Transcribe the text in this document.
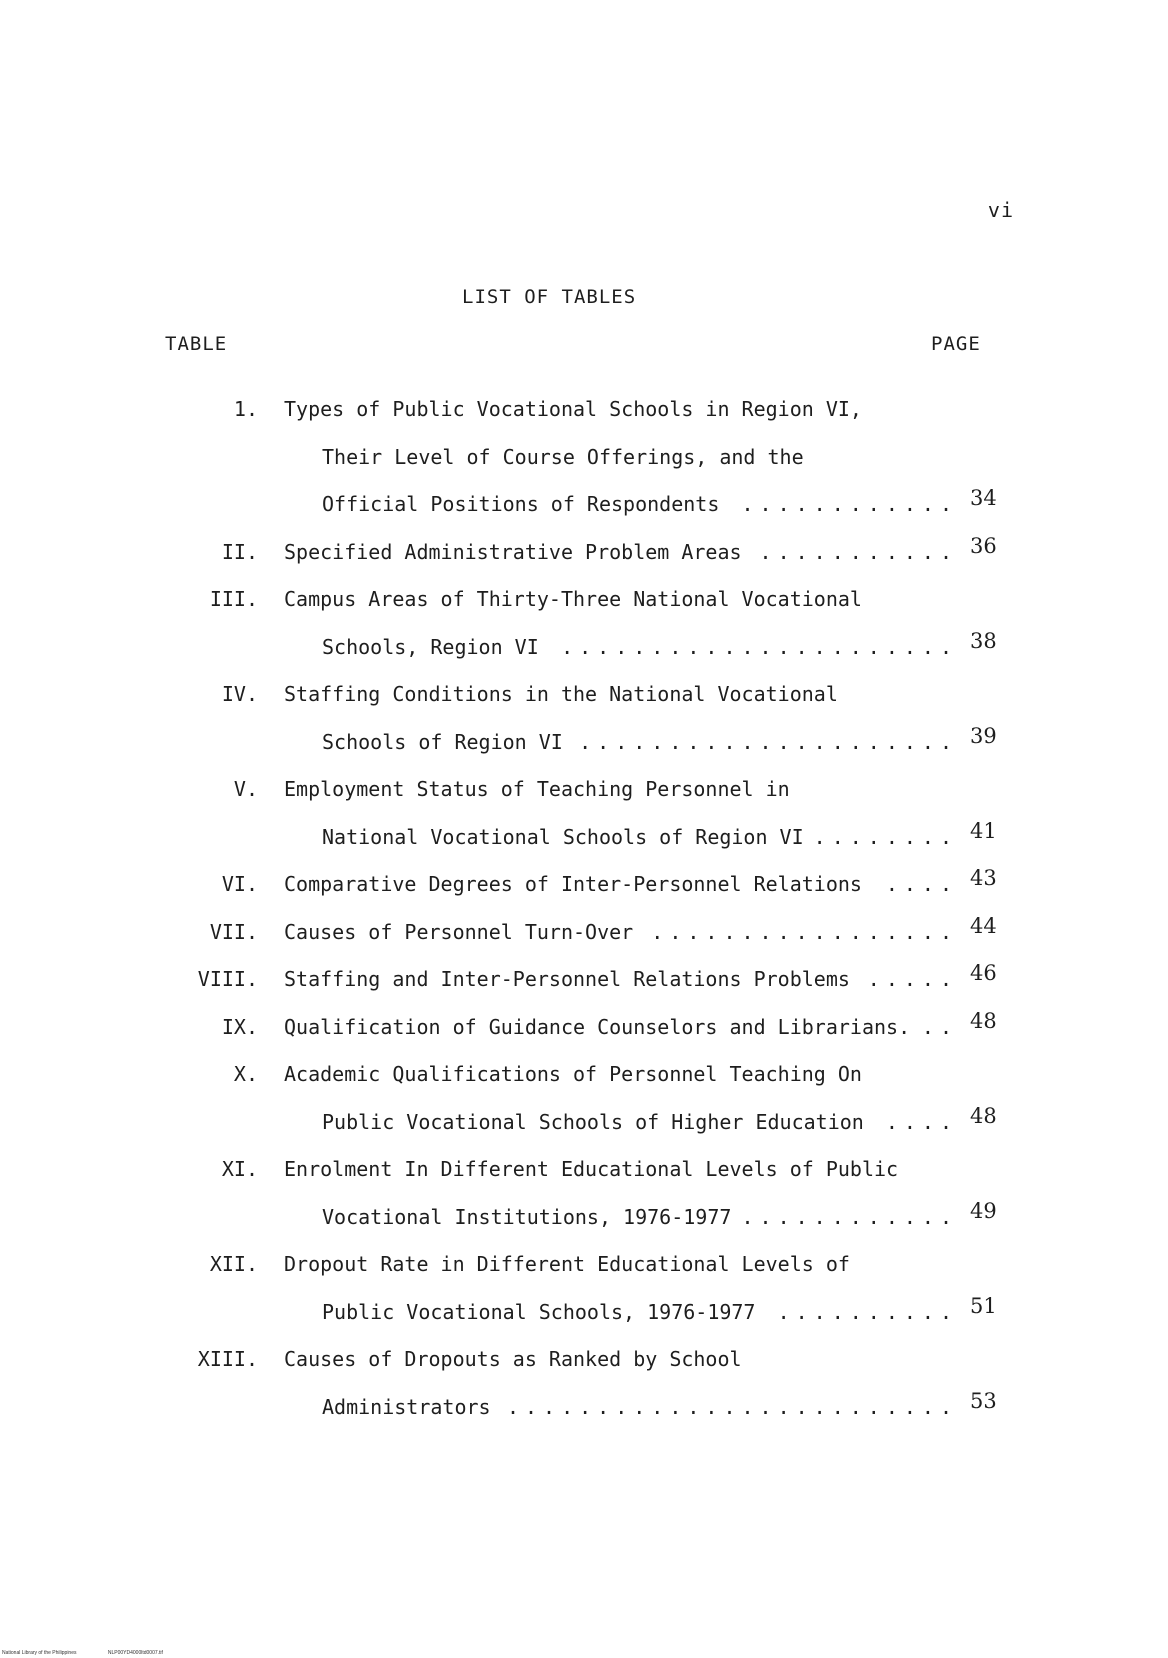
vi
LIST OF TABLES
TABLE	PAGE
1. Types of Public Vocational Schools in Region VI,
Their Level of Course Offerings, and the
Official Positions of Respondents	............ 34
II. Specified Administrative Problem Areas ........... 36
III. Campus Areas of Thirty-Three National Vocational
Schools, Region VI	...................... 38
IV. Staffing Conditions in the National Vocational
Schools of Region VI ..................... 39
V. Employment Status of Teaching Personnel in
National Vocational Schools of Region VI ........ 41
VI. Comparative Degrees of Inter-Personnel Relations	.... 43
VII. Causes of Personnel Turn-Over ................. 44
VIII. Staffing and Inter-Personnel Relations Problems ..... 46
IX. Qualification of Guidance Counselors and Librarians. .. 48
X. Academic Qualifications of Personnel Teaching On
Public Vocational Schools of Higher Education	.... 48
XI. Enrolment In Different Educational Levels of Public
Vocational Institutions, 1976-1977 ............ 49
XII. Dropout Rate in Different Educational Levels of
Public Vocational Schools, 1976-1977	.......... 51
XIII. Causes of Dropouts as Ranked by School
Administrators ......................... 53
National Library of the Philippines	NLP00YD4000ltd0007.tif
